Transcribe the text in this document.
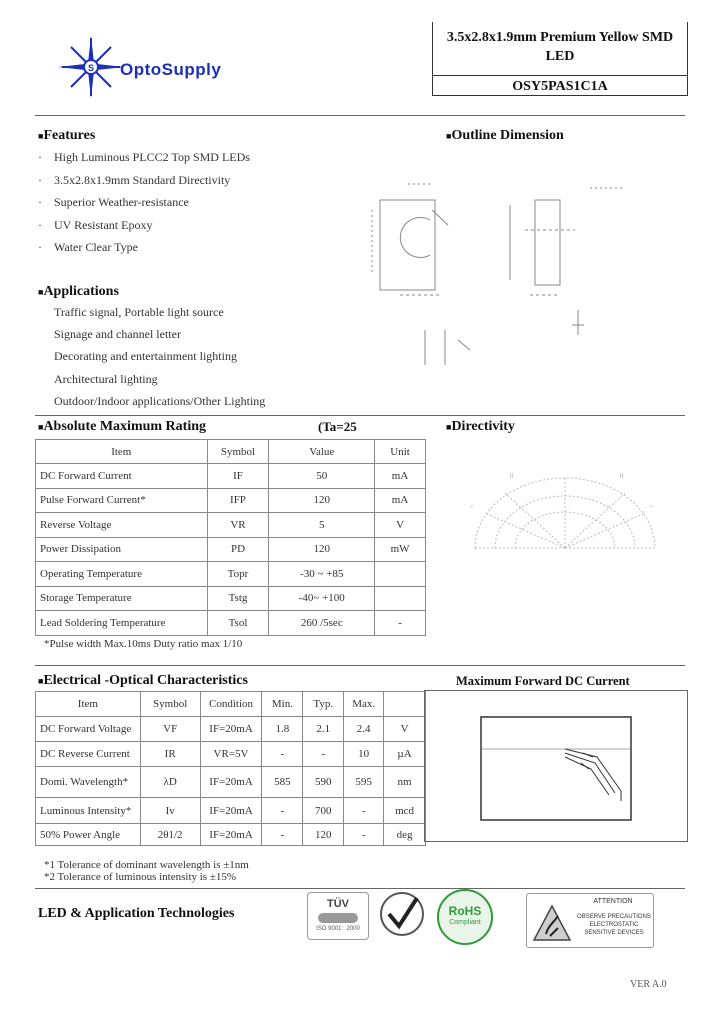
S OptoSupply
3.5x2.8x1.9mm Premium Yellow SMD
LED
OSY5PAS1C1A
■Features
· High Luminous PLCC2 Top SMD LEDs
· 3.5x2.8x1.9mm Standard Directivity
· Superior Weather-resistance
· UV Resistant Epoxy
· Water Clear Type
■Outline Dimension
■Applications
Traffic signal, Portable light source
Signage and channel letter
Decorating and entertainment lighting
Architectural lighting
Outdoor/Indoor applications/Other Lighting
■Absolute Maximum Rating	(Ta=25
Item	Symbol	Value	Unit
DC Forward Current	IF	50	mA
Pulse Forward Current*	IFP	120	mA
Reverse Voltage	VR	5	V
Power Dissipation	PD	120	mW
Operating Temperature	Topr	-30 ~ +85	
Storage Temperature	Tstg	-40~ +100	
Lead Soldering Temperature	Tsol	260 /5sec	-
*Pulse width Max.10ms Duty ratio max 1/10
■Directivity
0	0
°	°
■Electrical -Optical Characteristics
Item	Symbol	Condition	Min.	Typ.	Max.	
DC Forward Voltage	VF	IF=20mA	1.8	2.1	2.4	V
DC Reverse Current	IR	VR=5V	-	-	10	µA
Domi. Wavelength*	λD	IF=20mA	585	590	595	nm
Luminous Intensity*	Iv	IF=20mA	-	700	-	mcd
50% Power Angle	2θ1/2	IF=20mA	-	120	-	deg
*1 Tolerance of dominant wavelength is ±1nm
*2 Tolerance of luminous intensity is ±15%
Maximum Forward DC Current
LED & Application Technologies
TÜV
ISO 9001 : 2000
RoHS
Compliant
ATTENTION
OBSERVE PRECAUTIONS
ELECTROSTATIC
SENSITIVE DEVICES
VER A.0
